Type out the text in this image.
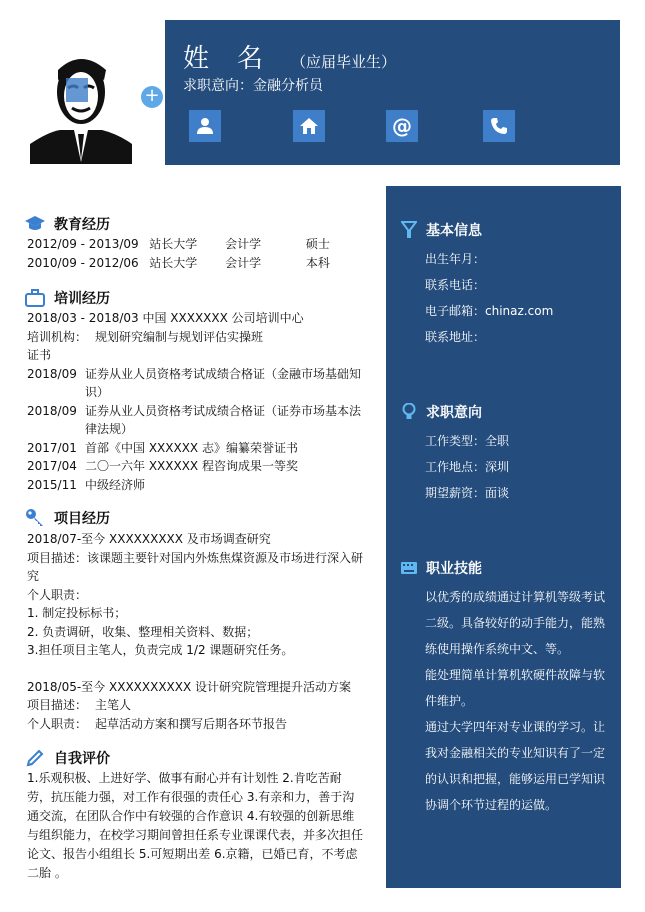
+
姓名（应届毕业生）
求职意向：金融分析员
@
教育经历
2012/09 - 2013/09 站长大学	会计学	硕士
2010/09 - 2012/06 站长大学	会计学	本科
培训经历
2018/03 - 2018/03 中国 XXXXXXX 公司培训中心
培训机构： 规划研究编制与规划评估实操班
证书
2018/09 证券从业人员资格考试成绩合格证（金融市场基础知识）
2018/09 证券从业人员资格考试成绩合格证（证券市场基本法律法规）
2017/01 首部《中国 XXXXXX 志》编纂荣誉证书
2017/04 二〇一六年 XXXXXX 程咨询成果一等奖
2015/11 中级经济师
项目经历
2018/07-至今 XXXXXXXXX 及市场调查研究
项目描述：该课题主要针对国内外炼焦煤资源及市场进行深入研究
个人职责：
1. 制定投标标书；
2. 负责调研，收集、整理相关资料、数据；
3.担任项目主笔人，负责完成 1/2 课题研究任务。
2018/05-至今 XXXXXXXXXX 设计研究院管理提升活动方案
项目描述： 主笔人
个人职责： 起草活动方案和撰写后期各环节报告
自我评价
1.乐观积极、上进好学、做事有耐心并有计划性 2.肯吃苦耐劳，抗压能力强，对工作有很强的责任心 3.有亲和力，善于沟通交流，在团队合作中有较强的合作意识 4.有较强的创新思维与组织能力，在校学习期间曾担任系专业课课代表，并多次担任论文、报告小组组长 5.可短期出差 6.京籍，已婚已育，不考虑二胎 。
基本信息
出生年月：
联系电话：
电子邮箱：chinaz.com
联系地址：
求职意向
工作类型：全职
工作地点：深圳
期望薪资：面谈
职业技能
以优秀的成绩通过计算机等级考试二级。具备较好的动手能力，能熟练使用操作系统中文、等。
能处理简单计算机软硬件故障与软件维护。
通过大学四年对专业课的学习。让我对金融相关的专业知识有了一定的认识和把握，能够运用已学知识协调个环节过程的运做。
